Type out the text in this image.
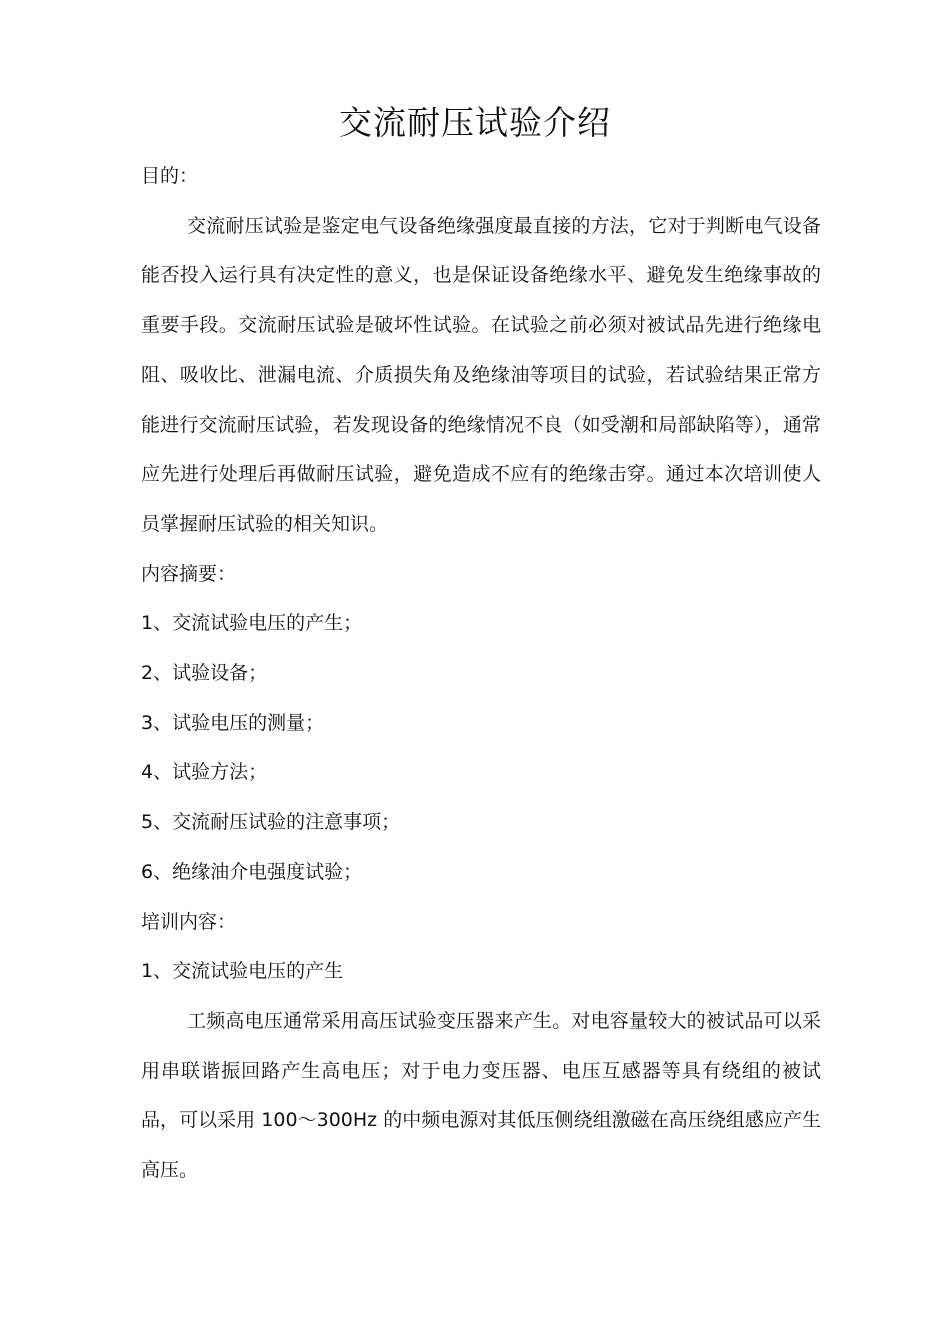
交流耐压试验介绍

目的：

交流耐压试验是鉴定电气设备绝缘强度最直接的方法，它对于判断电气设备能否投入运行具有决定性的意义，也是保证设备绝缘水平、避免发生绝缘事故的重要手段。交流耐压试验是破坏性试验。在试验之前必须对被试品先进行绝缘电阻、吸收比、泄漏电流、介质损失角及绝缘油等项目的试验，若试验结果正常方能进行交流耐压试验，若发现设备的绝缘情况不良（如受潮和局部缺陷等），通常应先进行处理后再做耐压试验，避免造成不应有的绝缘击穿。通过本次培训使人员掌握耐压试验的相关知识。

内容摘要：

1、交流试验电压的产生；

2、试验设备；

3、试验电压的测量；

4、试验方法；

5、交流耐压试验的注意事项；

6、绝缘油介电强度试验；

培训内容：

1、交流试验电压的产生

工频高电压通常采用高压试验变压器来产生。对电容量较大的被试品可以采用串联谐振回路产生高电压；对于电力变压器、电压互感器等具有绕组的被试品，可以采用 100～300Hz 的中频电源对其低压侧绕组激磁在高压绕组感应产生高压。
